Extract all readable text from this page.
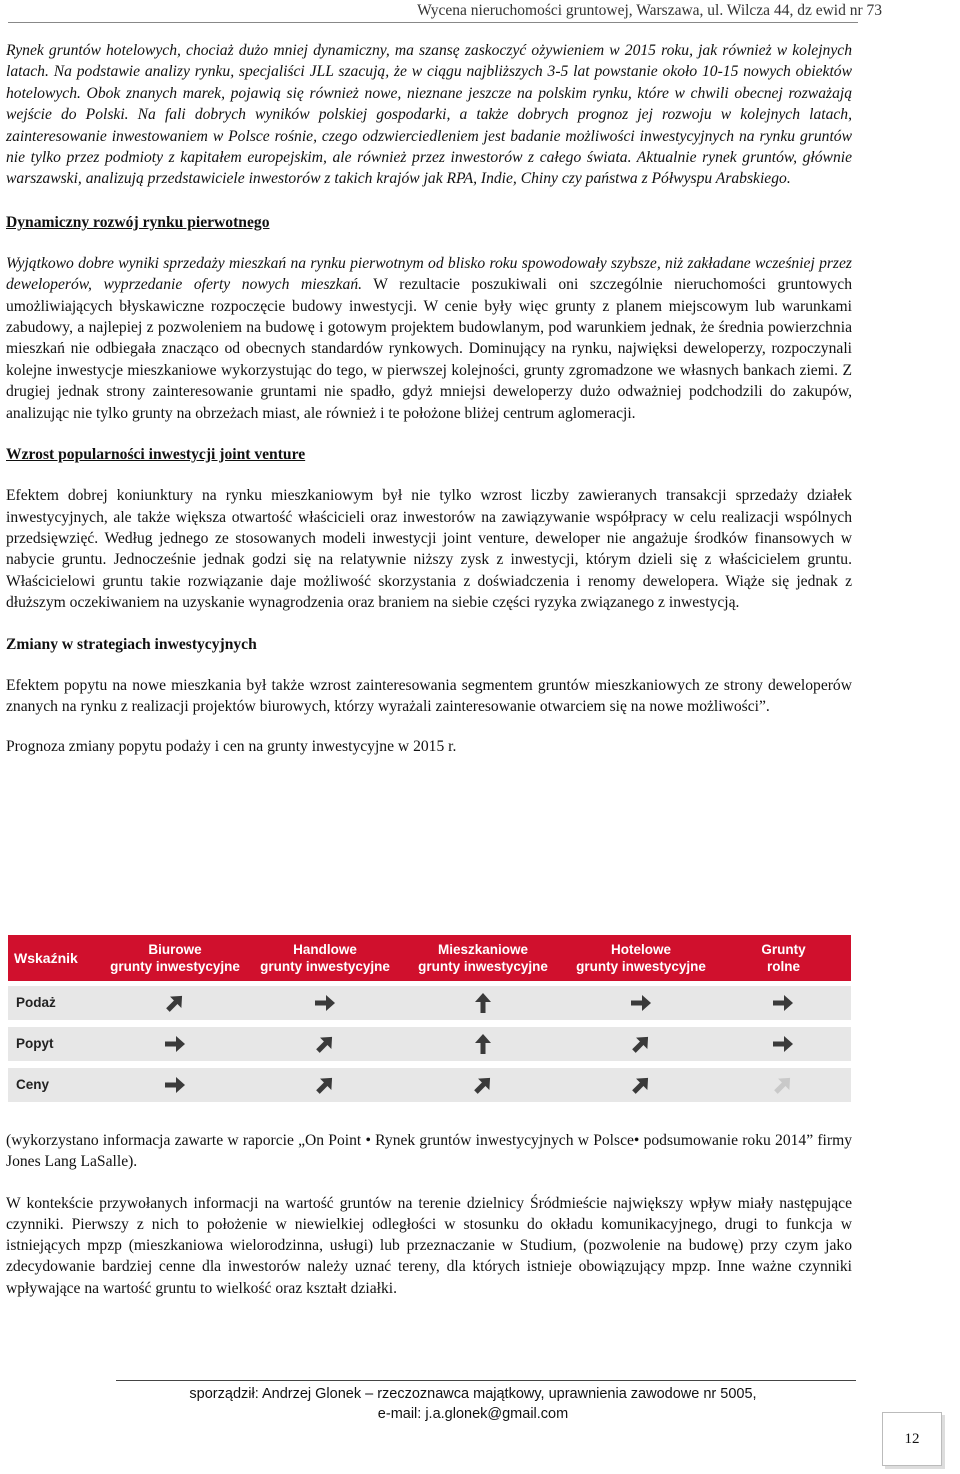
Wycena nieruchomości gruntowej, Warszawa, ul. Wilcza 44, dz ewid nr 73

Rynek gruntów hotelowych, chociaż dużo mniej dynamiczny, ma szansę zaskoczyć ożywieniem w 2015 roku, jak również w kolejnych latach. Na podstawie analizy rynku, specjaliści JLL szacują, że w ciągu najbliższych 3-5 lat powstanie około 10-15 nowych obiektów hotelowych. Obok znanych marek, pojawią się również nowe, nieznane jeszcze na polskim rynku, które w chwili obecnej rozważają wejście do Polski. Na fali dobrych wyników polskiej gospodarki, a także dobrych prognoz jej rozwoju w kolejnych latach, zainteresowanie inwestowaniem w Polsce rośnie, czego odzwierciedleniem jest badanie możliwości inwestycyjnych na rynku gruntów nie tylko przez podmioty z kapitałem europejskim, ale również przez inwestorów z całego świata. Aktualnie rynek gruntów, głównie warszawski, analizują przedstawiciele inwestorów z takich krajów jak RPA, Indie, Chiny czy państwa z Półwyspu Arabskiego.

Dynamiczny rozwój rynku pierwotnego

Wyjątkowo dobre wyniki sprzedaży mieszkań na rynku pierwotnym od blisko roku spowodowały szybsze, niż zakładane wcześniej przez deweloperów, wyprzedanie oferty nowych mieszkań. W rezultacie poszukiwali oni szczególnie nieruchomości gruntowych umożliwiających błyskawiczne rozpoczęcie budowy inwestycji. W cenie były więc grunty z planem miejscowym lub warunkami zabudowy, a najlepiej z pozwoleniem na budowę i gotowym projektem budowlanym, pod warunkiem jednak, że średnia powierzchnia mieszkań nie odbiegała znacząco od obecnych standardów rynkowych. Dominujący na rynku, najwięksi deweloperzy, rozpoczynali kolejne inwestycje mieszkaniowe wykorzystując do tego, w pierwszej kolejności, grunty zgromadzone we własnych bankach ziemi. Z drugiej jednak strony zainteresowanie gruntami nie spadło, gdyż mniejsi deweloperzy dużo odważniej podchodzili do zakupów, analizując nie tylko grunty na obrzeżach miast, ale również i te położone bliżej centrum aglomeracji.

Wzrost popularności inwestycji joint venture

Efektem dobrej koniunktury na rynku mieszkaniowym był nie tylko wzrost liczby zawieranych transakcji sprzedaży działek inwestycyjnych, ale także większa otwartość właścicieli oraz inwestorów na zawiązywanie współpracy w celu realizacji wspólnych przedsięwzięć. Według jednego ze stosowanych modeli inwestycji joint venture, deweloper nie angażuje środków finansowych w nabycie gruntu. Jednocześnie jednak godzi się na relatywnie niższy zysk z inwestycji, którym dzieli się z właścicielem gruntu. Właścicielowi gruntu takie rozwiązanie daje możliwość skorzystania z doświadczenia i renomy dewelopera. Wiąże się jednak z dłuższym oczekiwaniem na uzyskanie wynagrodzenia oraz braniem na siebie części ryzyka związanego z inwestycją.

Zmiany w strategiach inwestycyjnych

Efektem popytu na nowe mieszkania był także wzrost zainteresowania segmentem gruntów mieszkaniowych ze strony deweloperów znanych na rynku z realizacji projektów biurowych, którzy wyrażali zainteresowanie otwarciem się na nowe możliwości”.

Prognoza zmiany popytu podaży i cen na grunty inwestycyjne w 2015 r.
Wskaźnik	Biurowe
grunty inwestycyjne
Handlowe
grunty inwestycyjne
Mieszkaniowe
grunty inwestycyjne
Hotelowe
grunty inwestycyjne
Grunty
rolne
Podaż
Popyt
Ceny

(wykorzystano informacja zawarte w raporcie „On Point • Rynek gruntów inwestycyjnych w Polsce• podsumowanie roku 2014” firmy Jones Lang LaSalle).

W kontekście przywołanych informacji na wartość gruntów na terenie dzielnicy Śródmieście największy wpływ miały następujące czynniki. Pierwszy z nich to położenie w niewielkiej odległości w stosunku do okładu komunikacyjnego, drugi to funkcja w istniejących mpzp (mieszkaniowa wielorodzinna, usługi) lub przeznaczanie w Studium, (pozwolenie na budowę) przy czym jako zdecydowanie bardziej cenne dla inwestorów należy uznać tereny, dla których istnieje obowiązujący mpzp. Inne ważne czynniki wpływające na wartość gruntu to wielkość oraz kształt działki.

sporządził: Andrzej Glonek – rzeczoznawca majątkowy, uprawnienia zawodowe nr 5005,
e-mail: j.a.glonek@gmail.com
12
